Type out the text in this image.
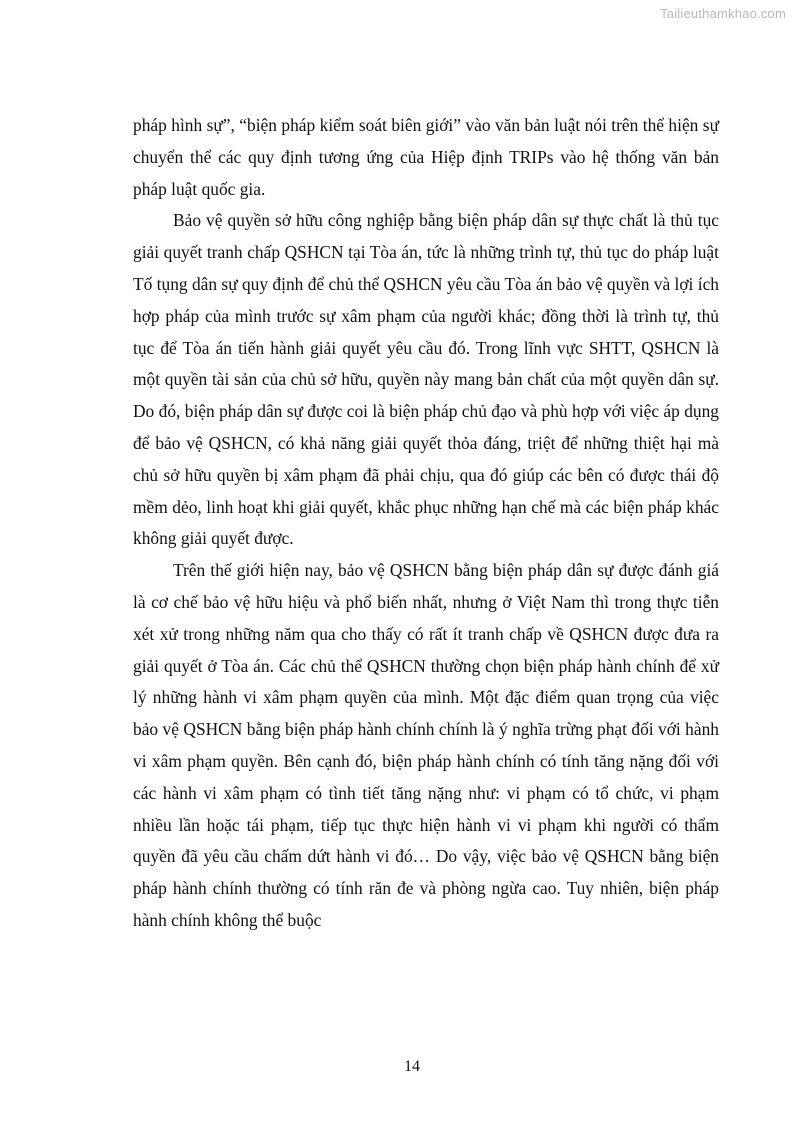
Tailieuthamkhao.com

pháp hình sự”, “biện pháp kiểm soát biên giới” vào văn bản luật nói trên thể hiện sự chuyển thể các quy định tương ứng của Hiệp định TRIPs vào hệ thống văn bản pháp luật quốc gia.

Bảo vệ quyền sở hữu công nghiệp bằng biện pháp dân sự thực chất là thủ tục giải quyết tranh chấp QSHCN tại Tòa án, tức là những trình tự, thủ tục do pháp luật Tố tụng dân sự quy định để chủ thể QSHCN yêu cầu Tòa án bảo vệ quyền và lợi ích hợp pháp của mình trước sự xâm phạm của người khác; đồng thời là trình tự, thủ tục để Tòa án tiến hành giải quyết yêu cầu đó. Trong lĩnh vực SHTT, QSHCN là một quyền tài sản của chủ sở hữu, quyền này mang bản chất của một quyền dân sự. Do đó, biện pháp dân sự được coi là biện pháp chủ đạo và phù hợp với việc áp dụng để bảo vệ QSHCN, có khả năng giải quyết thỏa đáng, triệt để những thiệt hại mà chủ sở hữu quyền bị xâm phạm đã phải chịu, qua đó giúp các bên có được thái độ mềm dẻo, linh hoạt khi giải quyết, khắc phục những hạn chế mà các biện pháp khác không giải quyết được.

Trên thế giới hiện nay, bảo vệ QSHCN bằng biện pháp dân sự được đánh giá là cơ chế bảo vệ hữu hiệu và phổ biến nhất, nhưng ở Việt Nam thì trong thực tiễn xét xử trong những năm qua cho thấy có rất ít tranh chấp về QSHCN được đưa ra giải quyết ở Tòa án. Các chủ thể QSHCN thường chọn biện pháp hành chính để xử lý những hành vi xâm phạm quyền của mình. Một đặc điểm quan trọng của việc bảo vệ QSHCN bằng biện pháp hành chính chính là ý nghĩa trừng phạt đối với hành vi xâm phạm quyền. Bên cạnh đó, biện pháp hành chính có tính tăng nặng đối với các hành vi xâm phạm có tình tiết tăng nặng như: vi phạm có tổ chức, vi phạm nhiều lần hoặc tái phạm, tiếp tục thực hiện hành vi vi phạm khi người có thẩm quyền đã yêu cầu chấm dứt hành vi đó… Do vậy, việc bảo vệ QSHCN bằng biện pháp hành chính thường có tính răn đe và phòng ngừa cao. Tuy nhiên, biện pháp hành chính không thể buộc

14
